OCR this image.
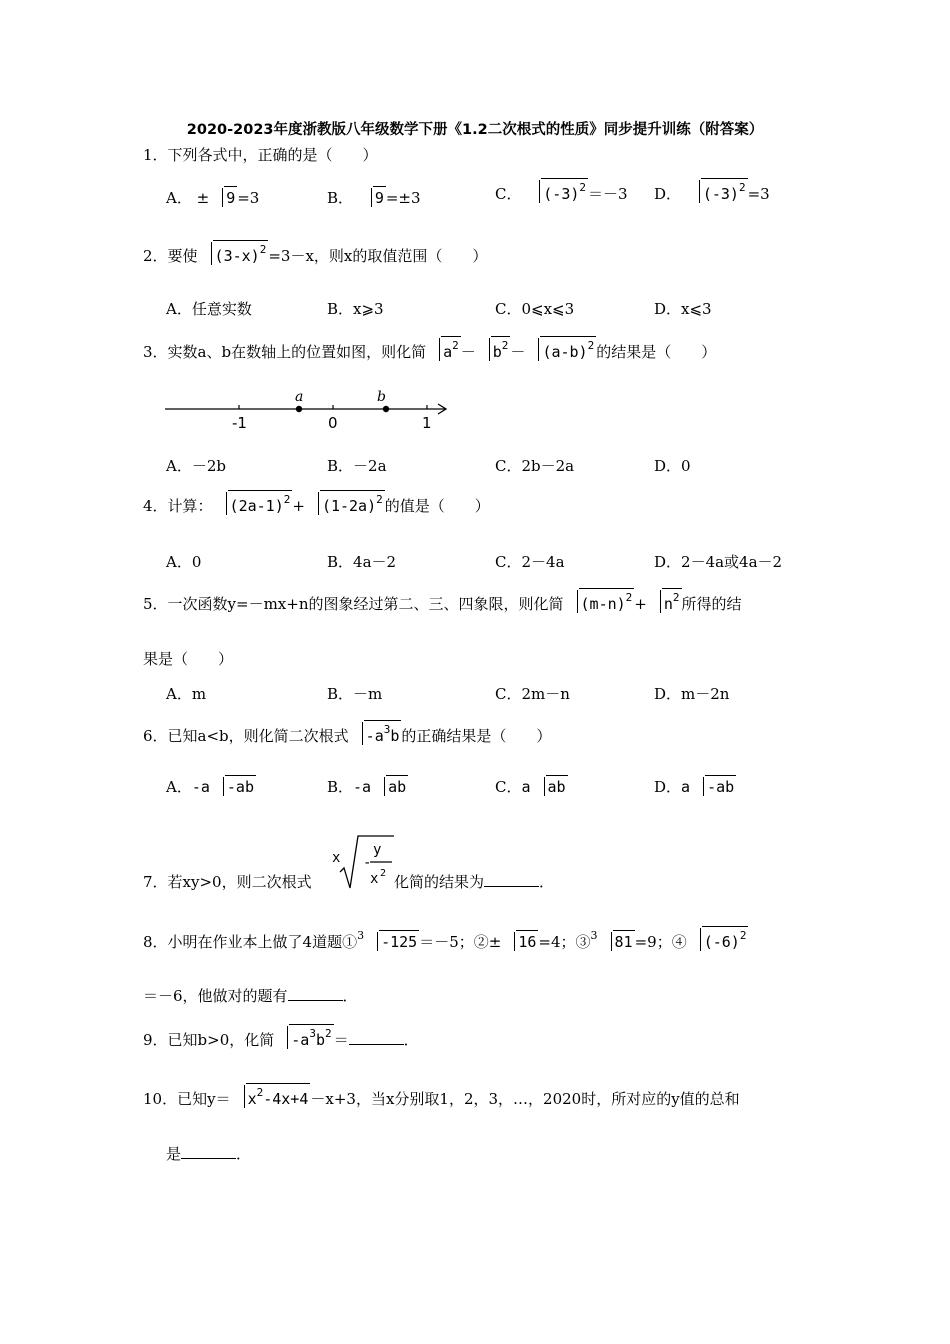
2020-2023年度浙教版八年级数学下册《1.2二次根式的性质》同步提升训练（附答案）
1．下列各式中，正确的是（　　）
A． ± 9 =3	B． 9 =±3	C． $(-3)^2 =-3$ D． $(-3)^2 =3$
2．要使 $(3-x)^2 =3-x$，则x的取值范围（　　）
A．任意实数	B．x⩾3	C．0⩽x⩽3	D．x⩽3
3．实数a、b在数轴上的位置如图，则化简 $a^2 - b^2 - (a-b)^2$ 的结果是（　　）
-1	0	1
a	b
A．－2b	B．－2a	C．2b－2a	D．0
4．计算： $(2a-1)^2 + (1-2a)^2$ 的值是（　　）
A．0	B．4a－2	C．2－4a	D．2－4a或4a－2
5．一次函数y=－mx+n的图象经过第二、三、四象限，则化简 $(m-n)^2 + n^2$ 所得的结
果是（　　）
A．m	B．－m	C．2m－n	D．m－2n
6．已知a<b，则化简二次根式 $-a^3b$ 的正确结果是（　　）
A．-a -ab	B．-a ab	C．a ab	D．a -ab
7．若xy>0，则二次根式
x -
y
x 2 化简的结果为	．
8．小明在作业本上做了4道题①$^3$ -125 ＝－5；②± 16 =4；③$^3$ 81 =9；④ $(-6)^2$
＝－6，他做对的题有	．
9．已知b>0，化简 $-a^3b^2$ ＝	．
10．已知$y= x^2-4x+4 -x+3$，当x分别取1，2，3，…，2020时，所对应的y值的总和
是	．
